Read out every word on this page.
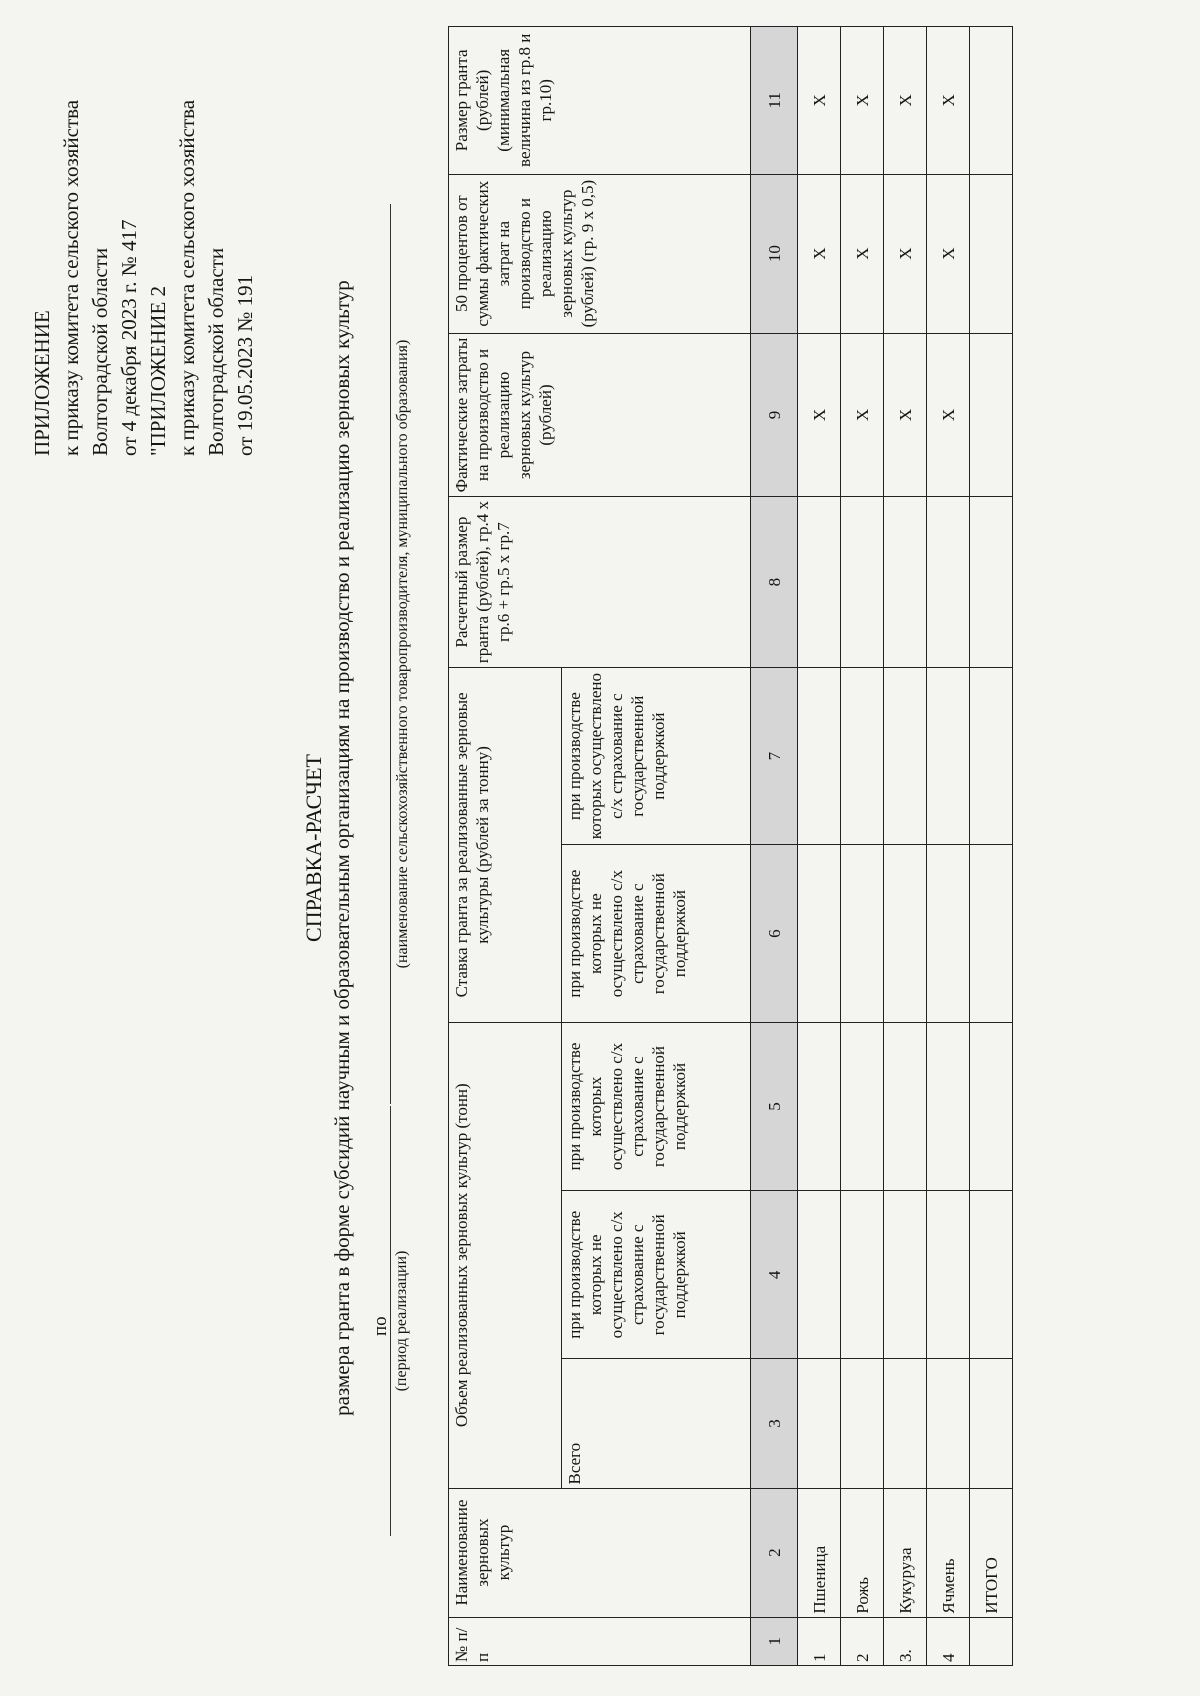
ПРИЛОЖЕНИЕ к приказу комитета сельского хозяйства Волгоградской области от 4 декабря 2023 г. № 417 "ПРИЛОЖЕНИЕ 2 к приказу комитета сельского хозяйства Волгоградской области от 19.05.2023 № 191
СПРАВКА-РАСЧЕТ размера гранта в форме субсидий научным и образовательным организациям на производство и реализацию зерновых культур по (период реализации)
(наименование сельскохозяйственного товаропроизводителя, муниципального образования)
№ п/п	Наименование зерновых культур	Объем реализованных зерновых культур (тонн)			Ставка гранта за реализованные зерновые культуры (рублей за тонну)		Расчетный размер гранта (рублей), гр.4 х гр.6 + гр.5 х гр.7	Фактические затраты на производство и реализацию зерновых культур (рублей)	50 процентов от суммы фактических затрат на производство и реализацию зерновых культур (рублей) (гр. 9 х 0,5)	Размер гранта (рублей) (минимальная величина из гр.8 и гр.10)
		Всего	при производстве которых не осуществлено с/х страхование с государственной поддержкой	при производстве которых осуществлено с/х страхование с государственной поддержкой	при производстве которых не осуществлено с/х страхование с государственной поддержкой	при производстве которых осуществлено с/х страхование с государственной поддержкой				
1	2	3	4	5	6	7	8	9	10	11
1	Пшеница							X	X	X
2	Рожь							X	X	X
3.	Кукуруза							X	X	X
4	Ячмень							X	X	X
	ИТОГО									
